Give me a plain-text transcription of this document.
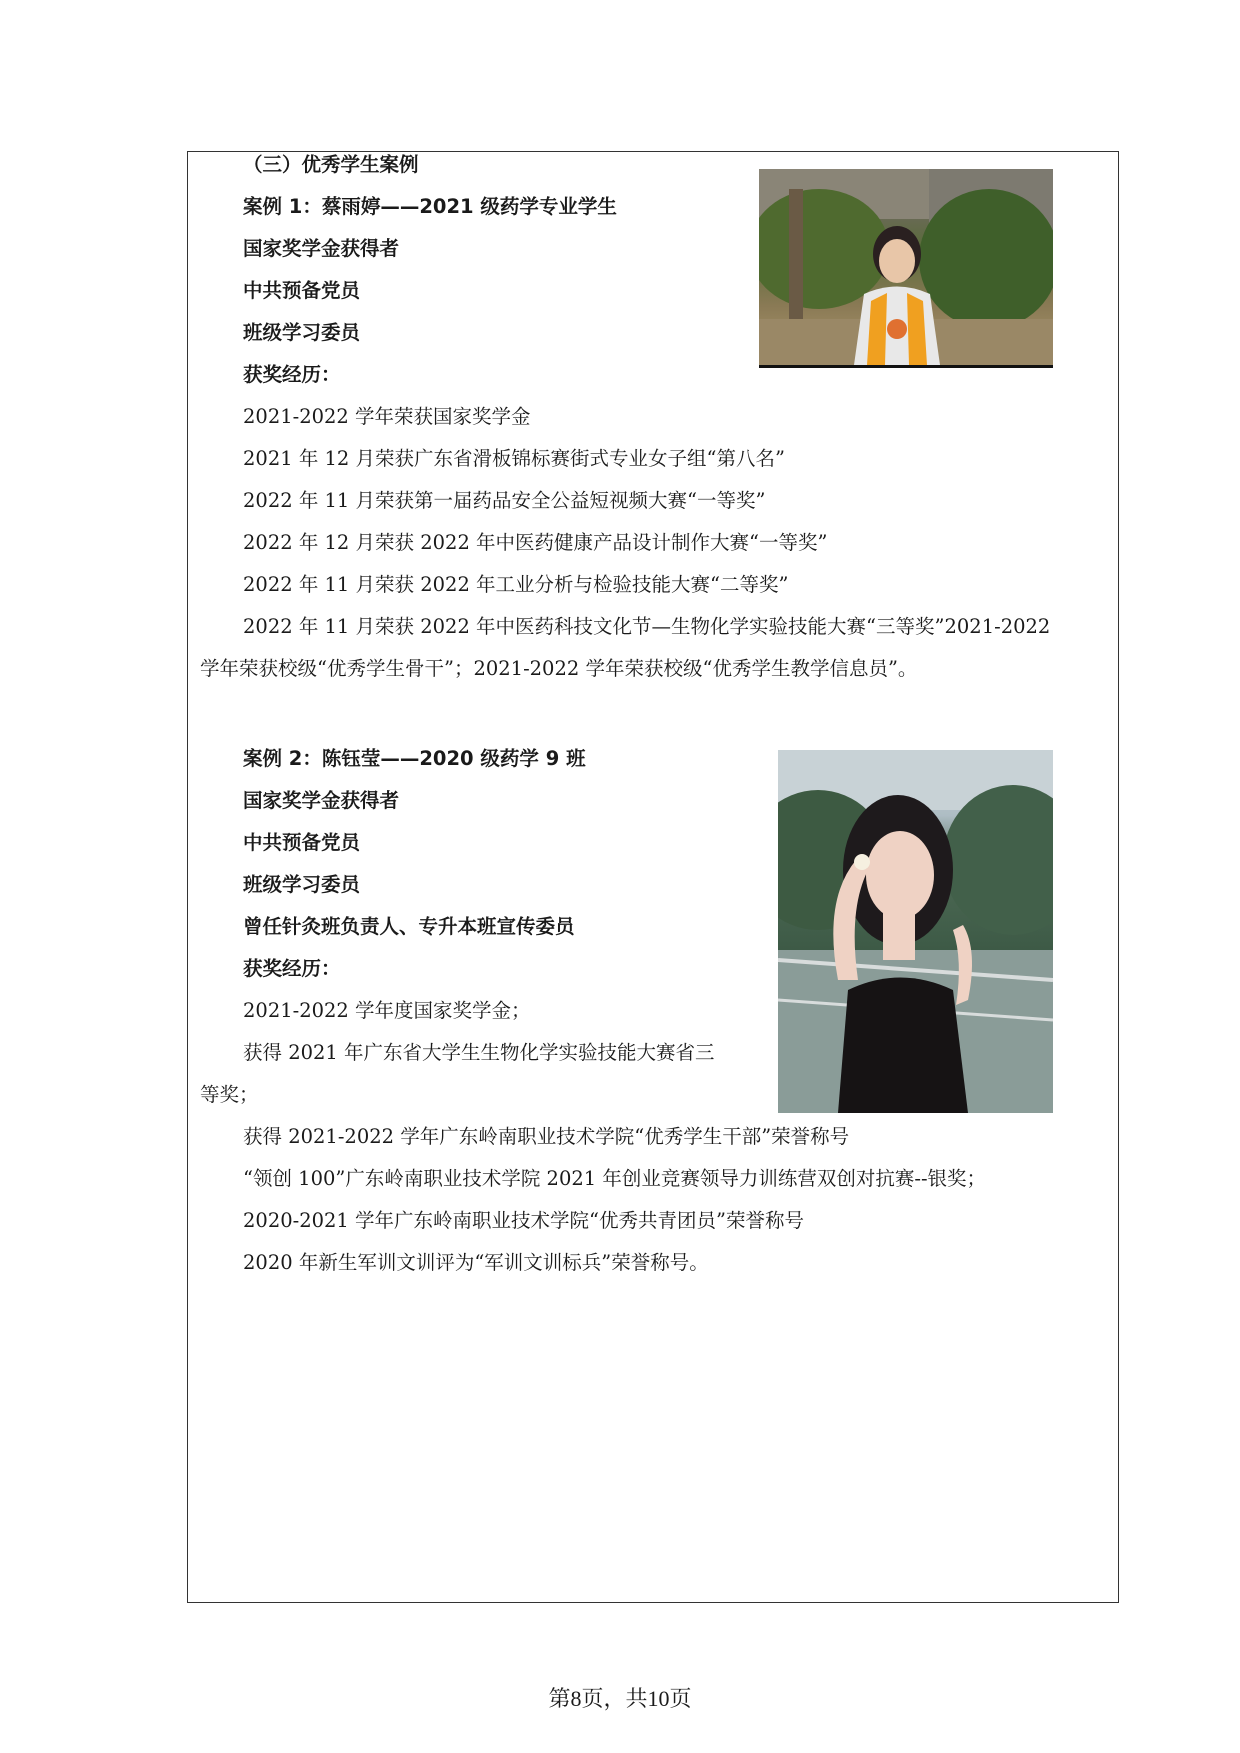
（三）优秀学生案例
案例 1：蔡雨婷——2021 级药学专业学生
国家奖学金获得者
中共预备党员
班级学习委员
获奖经历：
2021-2022 学年荣获国家奖学金
2021 年 12 月荣获广东省滑板锦标赛街式专业女子组“第八名”
2022 年 11 月荣获第一届药品安全公益短视频大赛“一等奖”
2022 年 12 月荣获 2022 年中医药健康产品设计制作大赛“一等奖”
2022 年 11 月荣获 2022 年工业分析与检验技能大赛“二等奖”
2022 年 11 月荣获 2022 年中医药科技文化节—生物化学实验技能大赛“三等奖”2021-2022
学年荣获校级“优秀学生骨干”；2021-2022 学年荣获校级“优秀学生教学信息员”。
案例 2：陈钰莹——2020 级药学 9 班
国家奖学金获得者
中共预备党员
班级学习委员
曾任针灸班负责人、专升本班宣传委员
获奖经历：
2021-2022 学年度国家奖学金；
获得 2021 年广东省大学生生物化学实验技能大赛省三
等奖；
获得 2021-2022 学年广东岭南职业技术学院“优秀学生干部”荣誉称号
“领创 100”广东岭南职业技术学院 2021 年创业竞赛领导力训练营双创对抗赛--银奖；
2020-2021 学年广东岭南职业技术学院“优秀共青团员”荣誉称号
2020 年新生军训文训评为“军训文训标兵”荣誉称号。
第8页，共10页
